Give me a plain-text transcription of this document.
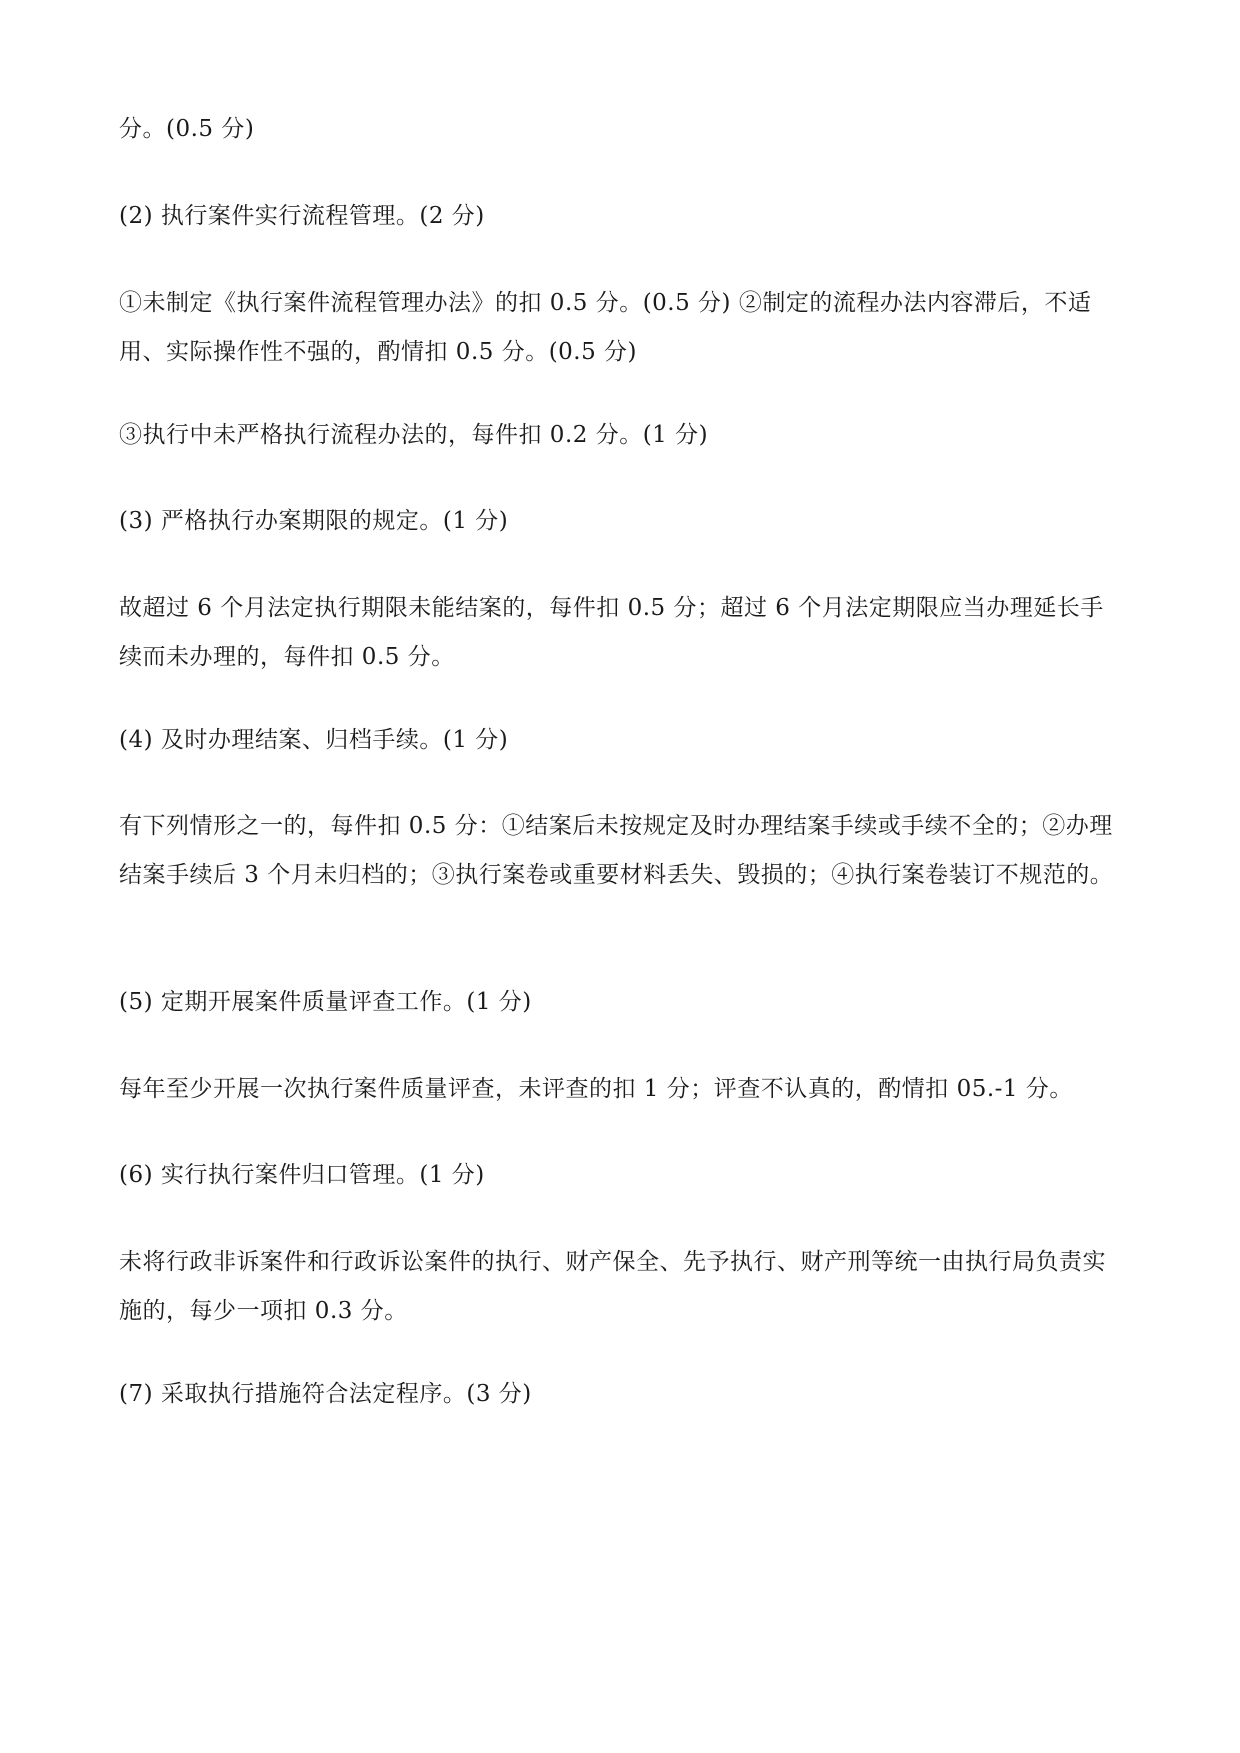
分。(0.5 分)

(2) 执行案件实行流程管理。(2 分)

①未制定《执行案件流程管理办法》的扣 0.5 分。(0.5 分) ②制定的流程办法内容滞后，不适用、实际操作性不强的，酌情扣 0.5 分。(0.5 分)

③执行中未严格执行流程办法的，每件扣 0.2 分。(1 分)

(3) 严格执行办案期限的规定。(1 分)

故超过 6 个月法定执行期限未能结案的，每件扣 0.5 分；超过 6 个月法定期限应当办理延长手续而未办理的，每件扣 0.5 分。

(4) 及时办理结案、归档手续。(1 分)

有下列情形之一的，每件扣 0.5 分：①结案后未按规定及时办理结案手续或手续不全的；②办理结案手续后 3 个月未归档的；③执行案卷或重要材料丢失、毁损的；④执行案卷装订不规范的。

(5) 定期开展案件质量评查工作。(1 分)

每年至少开展一次执行案件质量评查，未评查的扣 1 分；评查不认真的，酌情扣 05.-1 分。

(6) 实行执行案件归口管理。(1 分)

未将行政非诉案件和行政诉讼案件的执行、财产保全、先予执行、财产刑等统一由执行局负责实施的，每少一项扣 0.3 分。

(7) 采取执行措施符合法定程序。(3 分)
